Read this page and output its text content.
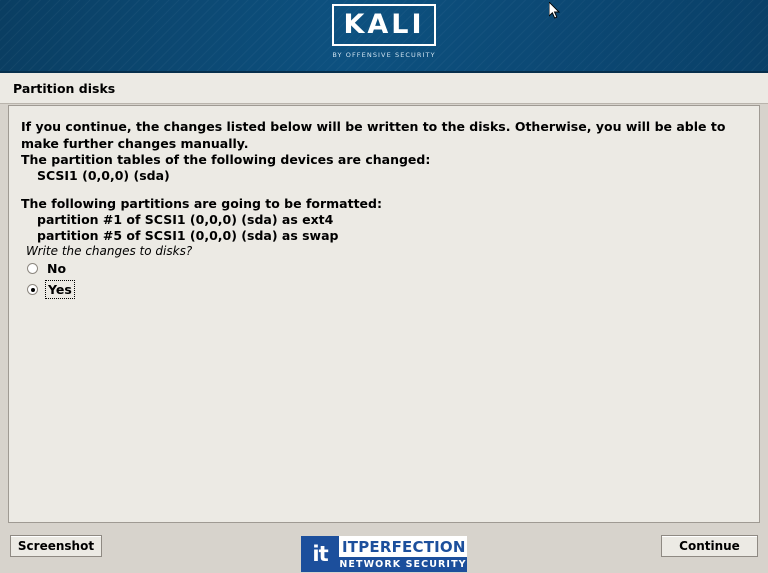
KALI
BY OFFENSIVE SECURITY
Partition disks

If you continue, the changes listed below will be written to the disks. Otherwise, you will be able to make further changes manually.

The partition tables of the following devices are changed:

SCSI1 (0,0,0) (sda)

The following partitions are going to be formatted:

partition #1 of SCSI1 (0,0,0) (sda) as ext4

partition #5 of SCSI1 (0,0,0) (sda) as swap

Write the changes to disks?

No
Yes
Screenshot	Continue
it ITPERFECTION
NETWORK SECURITY
